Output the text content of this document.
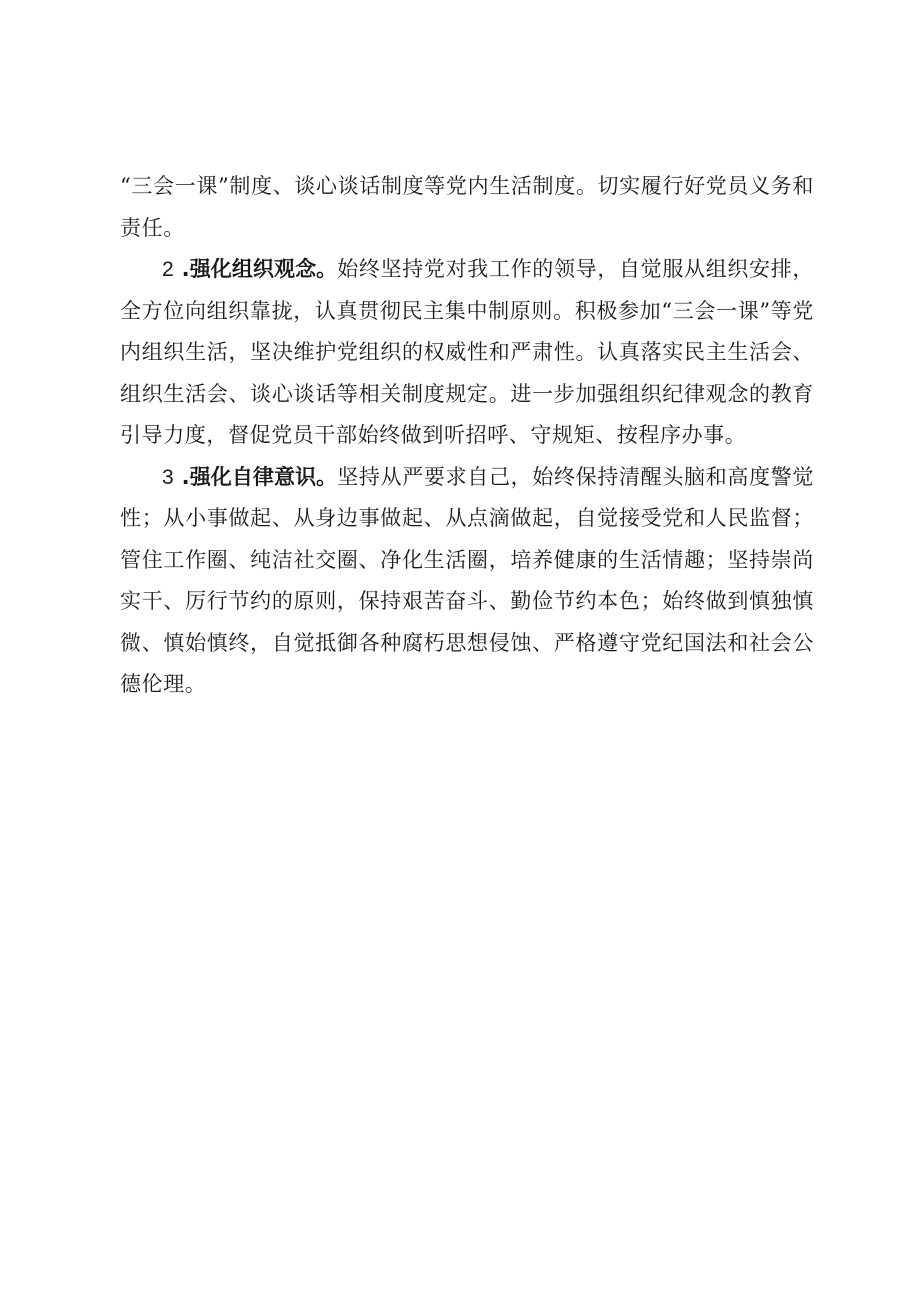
“三会一课”制度、谈心谈话制度等党内生活制度。切实履行好党员义务和责任。

2 .强化组织观念。始终坚持党对我工作的领导，自觉服从组织安排，全方位向组织靠拢，认真贯彻民主集中制原则。积极参加“三会一课”等党内组织生活，坚决维护党组织的权威性和严肃性。认真落实民主生活会、组织生活会、谈心谈话等相关制度规定。进一步加强组织纪律观念的教育引导力度，督促党员干部始终做到听招呼、守规矩、按程序办事。

3 .强化自律意识。坚持从严要求自己，始终保持清醒头脑和高度警觉性；从小事做起、从身边事做起、从点滴做起，自觉接受党和人民监督；管住工作圈、纯洁社交圈、净化生活圈，培养健康的生活情趣；坚持崇尚实干、厉行节约的原则，保持艰苦奋斗、勤俭节约本色；始终做到慎独慎微、慎始慎终，自觉抵御各种腐朽思想侵蚀、严格遵守党纪国法和社会公德伦理。
